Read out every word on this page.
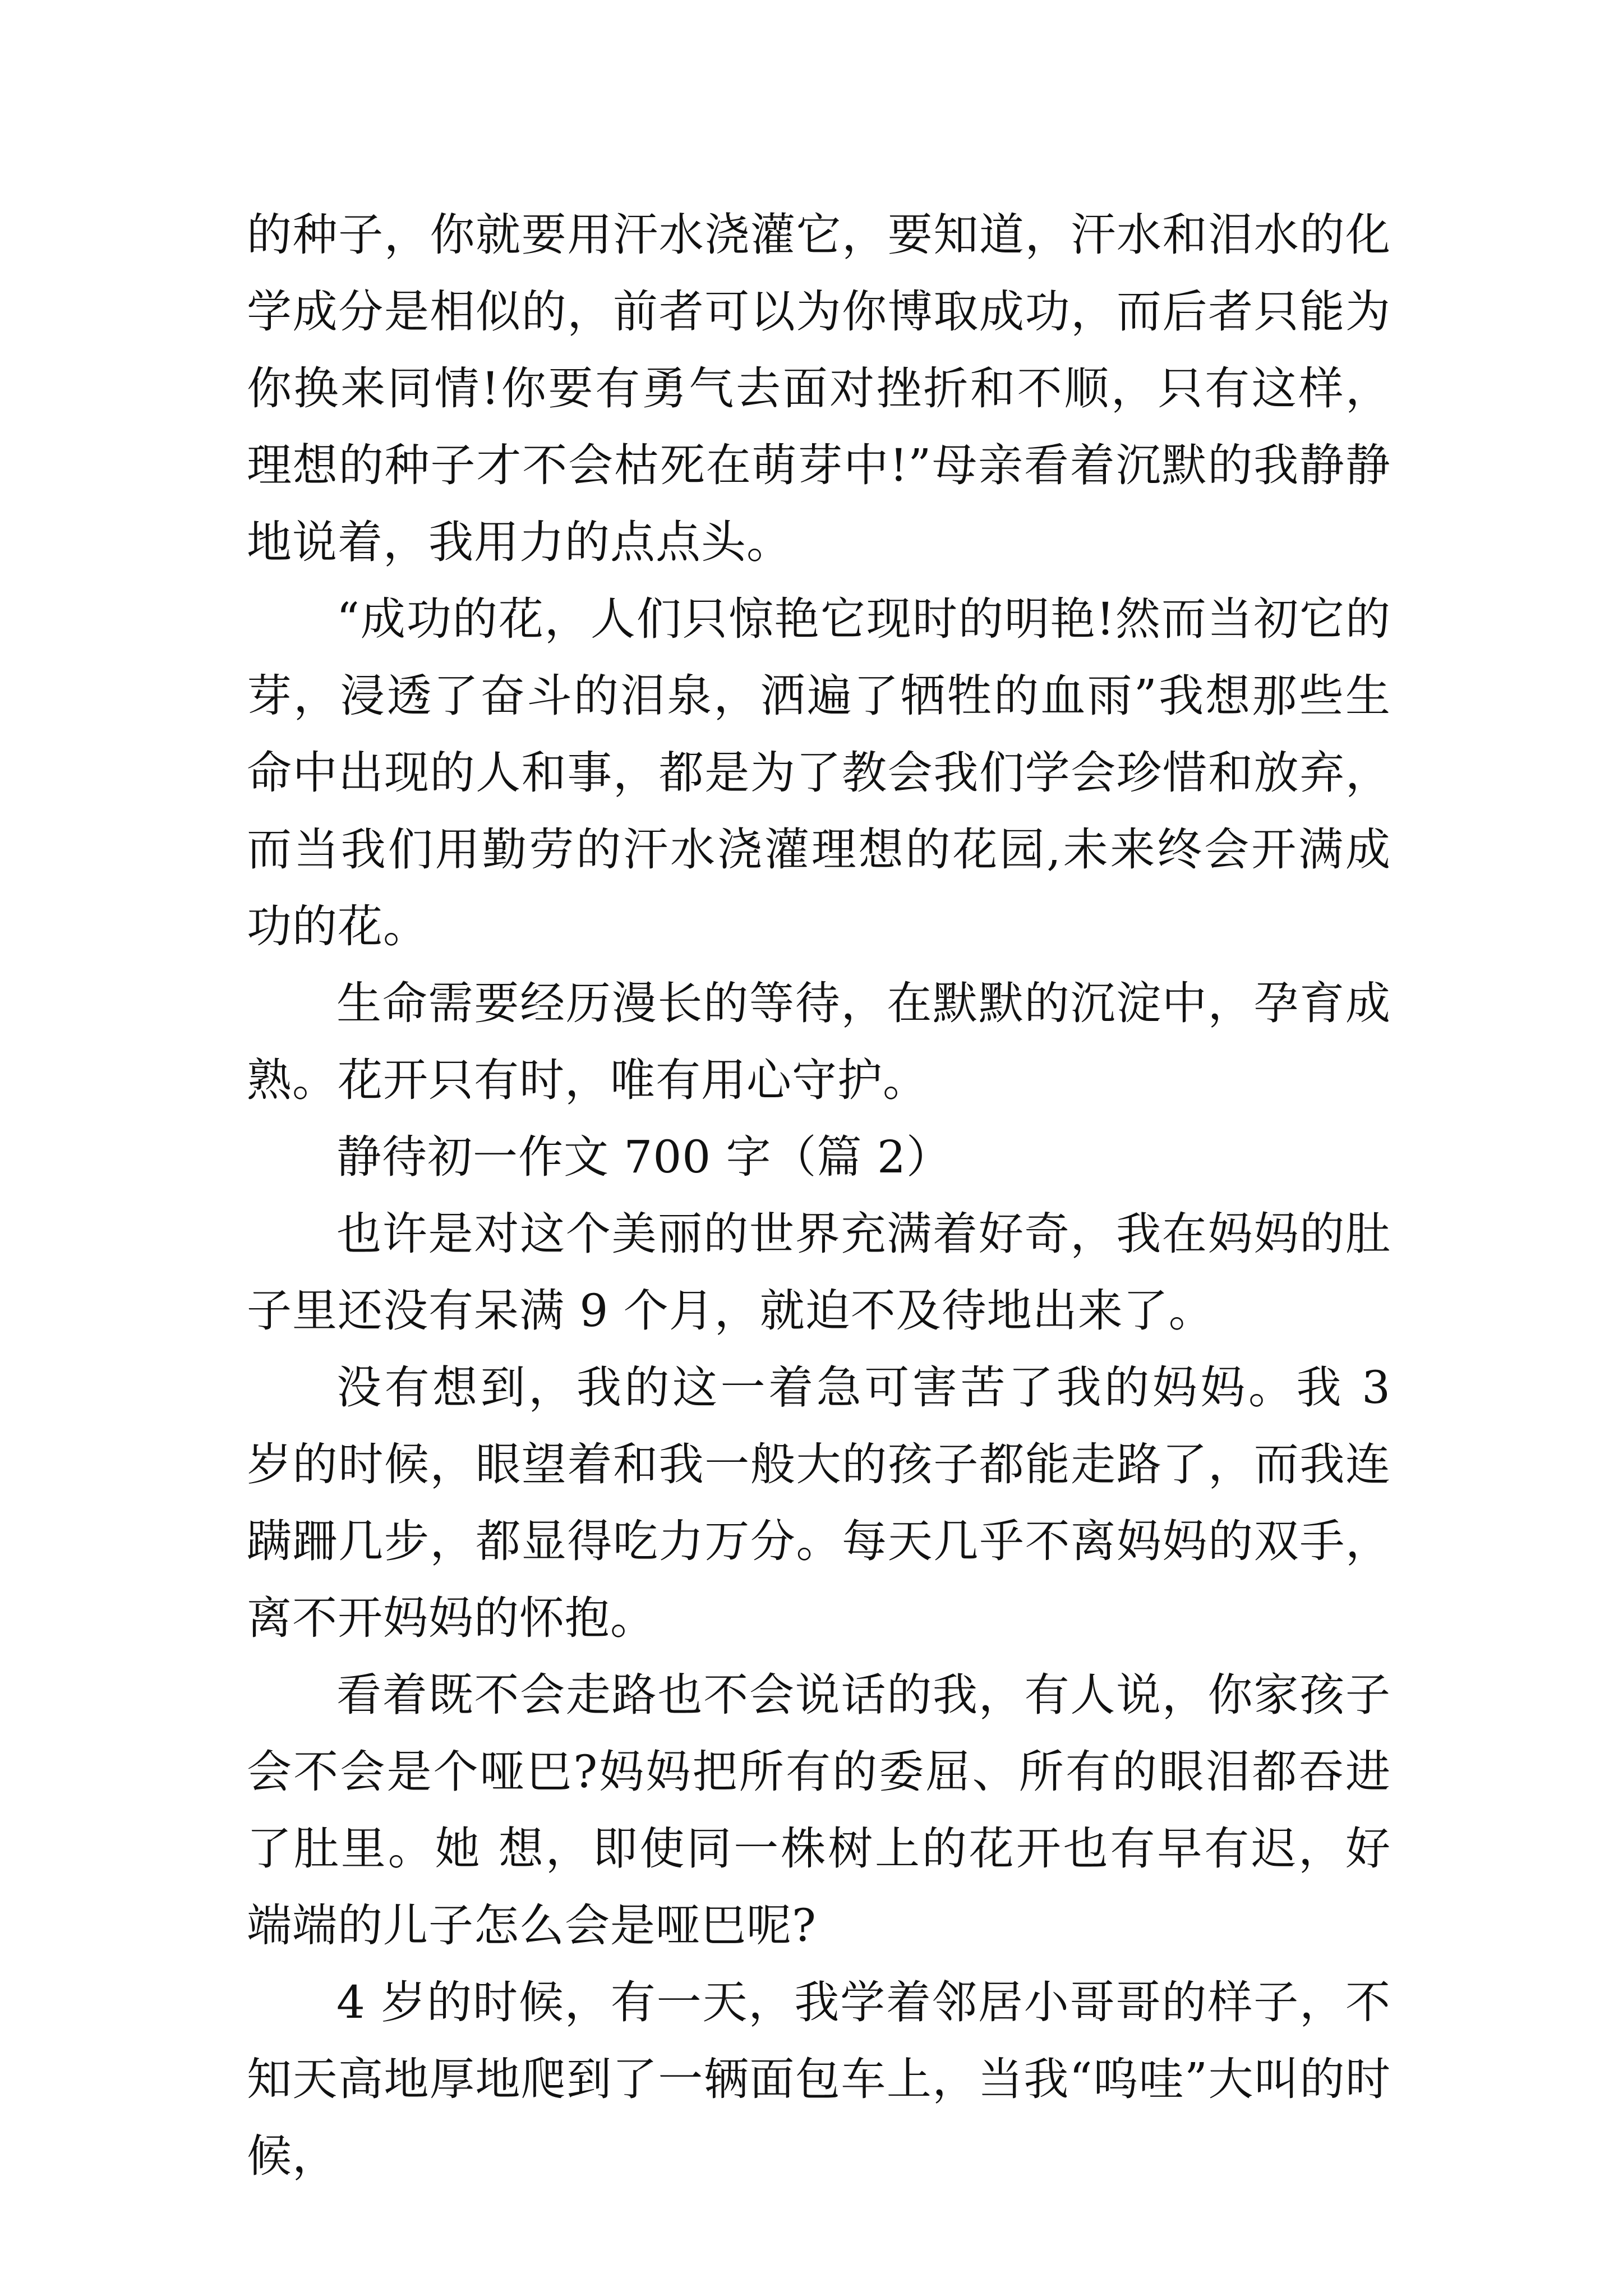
的种子，你就要用汗水浇灌它，要知道，汗水和泪水的化学成分是相似的，前者可以为你博取成功，而后者只能为你换来同情!你要有勇气去面对挫折和不顺，只有这样，理想的种子才不会枯死在萌芽中!”母亲看着沉默的我静静地说着，我用力的点点头。

“成功的花，人们只惊艳它现时的明艳!然而当初它的芽，浸透了奋斗的泪泉，洒遍了牺牲的血雨”我想那些生命中出现的人和事，都是为了教会我们学会珍惜和放弃，而当我们用勤劳的汗水浇灌理想的花园,未来终会开满成功的花。

生命需要经历漫长的等待，在默默的沉淀中，孕育成熟。花开只有时，唯有用心守护。

静待初一作文 700 字（篇 2）

也许是对这个美丽的世界充满着好奇，我在妈妈的肚子里还没有呆满 9 个月，就迫不及待地出来了。

没有想到，我的这一着急可害苦了我的妈妈。我 3 岁的时候，眼望着和我一般大的孩子都能走路了，而我连蹒跚几步，都显得吃力万分。每天几乎不离妈妈的双手，离不开妈妈的怀抱。

看着既不会走路也不会说话的我，有人说，你家孩子会不会是个哑巴?妈妈把所有的委屈、所有的眼泪都吞进了肚里。她 想，即使同一株树上的花开也有早有迟，好端端的儿子怎么会是哑巴呢?

4 岁的时候，有一天，我学着邻居小哥哥的样子，不知天高地厚地爬到了一辆面包车上，当我“呜哇”大叫的时候，
